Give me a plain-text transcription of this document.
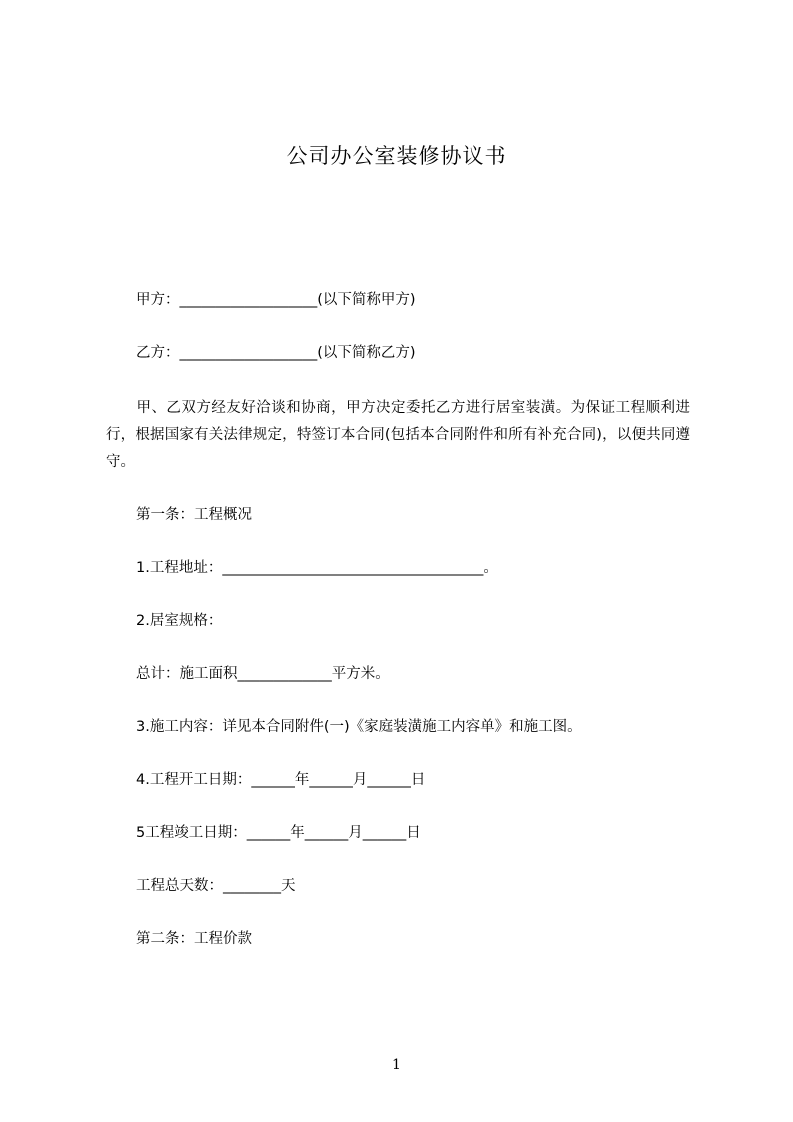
公司办公室装修协议书
甲方：___________________(以下简称甲方)
乙方：___________________(以下简称乙方)
甲、乙双方经友好洽谈和协商，甲方决定委托乙方进行居室装潢。为保证工程顺利进行，根据国家有关法律规定，特签订本合同(包括本合同附件和所有补充合同)，以便共同遵守。
第一条：工程概况
1.工程地址：____________________________________。
2.居室规格：
总计：施工面积_____________平方米。
3.施工内容：详见本合同附件(一)《家庭装潢施工内容单》和施工图。
4.工程开工日期：______年______月______日
5工程竣工日期：______年______月______日
工程总天数：________天
第二条：工程价款
1
